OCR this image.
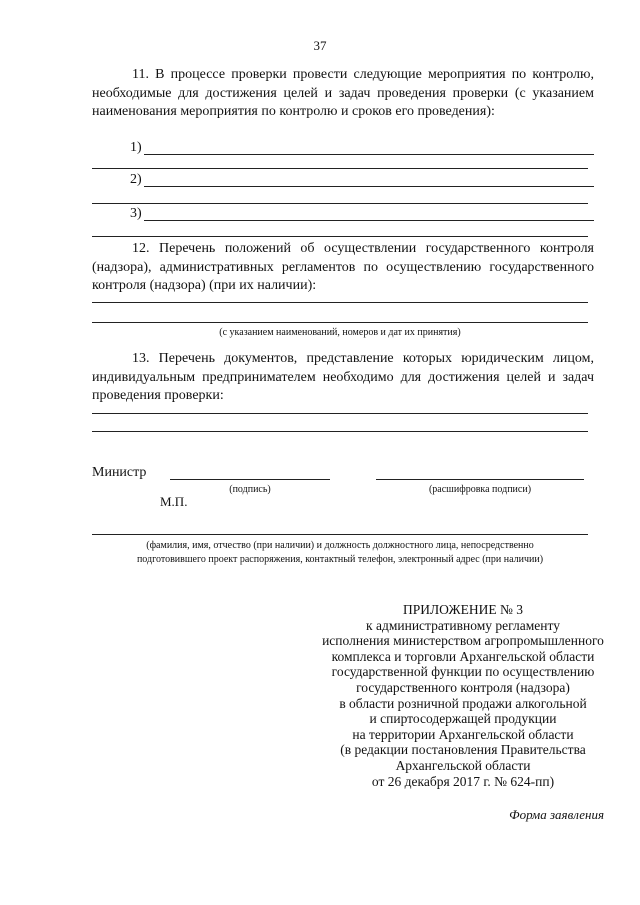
37
11. В процессе проверки провести следующие мероприятия по контролю, необходимые для достижения целей и задач проведения проверки (с указанием наименования мероприятия по контролю и сроков его проведения):
1)
2)
3)
12. Перечень положений об осуществлении государственного контроля (надзора), административных регламентов по осуществлению государственного контроля (надзора) (при их наличии):
(с указанием наименований, номеров и дат их принятия)
13. Перечень документов, представление которых юридическим лицом, индивидуальным предпринимателем необходимо для достижения целей и задач проведения проверки:
Министр
(подпись)	(расшифровка подписи)
М.П.
(фамилия, имя, отчество (при наличии) и должность должностного лица, непосредственно
подготовившего проект распоряжения, контактный телефон, электронный адрес (при наличии)
ПРИЛОЖЕНИЕ № 3
к административному регламенту
исполнения министерством агропромышленного
комплекса и торговли Архангельской области
государственной функции по осуществлению
государственного контроля (надзора)
в области розничной продажи алкогольной
и спиртосодержащей продукции
на территории Архангельской области
(в редакции постановления Правительства
Архангельской области
от 26 декабря 2017 г. № 624-пп)
Форма заявления
